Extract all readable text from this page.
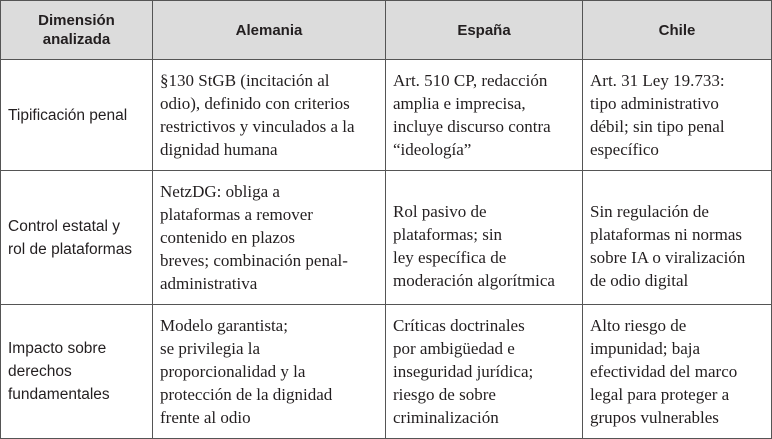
Dimensión
analizada	Alemania	España	Chile

Tipificación penal	§130 StGB (incitación al
odio), definido con criterios
restrictivos y vinculados a la
dignidad humana	Art. 510 CP, redacción
amplia e imprecisa,
incluye discurso contra
“ideología”	Art. 31 Ley 19.733:
tipo administrativo
débil; sin tipo penal
específico

Control estatal y
rol de plataformas	NetzDG: obliga a
plataformas a remover
contenido en plazos
breves; combinación penal-
administrativa	Rol pasivo de
plataformas; sin
ley específica de
moderación algorítmica	Sin regulación de
plataformas ni normas
sobre IA o viralización
de odio digital

Impacto sobre
derechos
fundamentales	Modelo garantista;
se privilegia la
proporcionalidad y la
protección de la dignidad
frente al odio	Críticas doctrinales
por ambigüedad e
inseguridad jurídica;
riesgo de sobre
criminalización	Alto riesgo de
impunidad; baja
efectividad del marco
legal para proteger a
grupos vulnerables
